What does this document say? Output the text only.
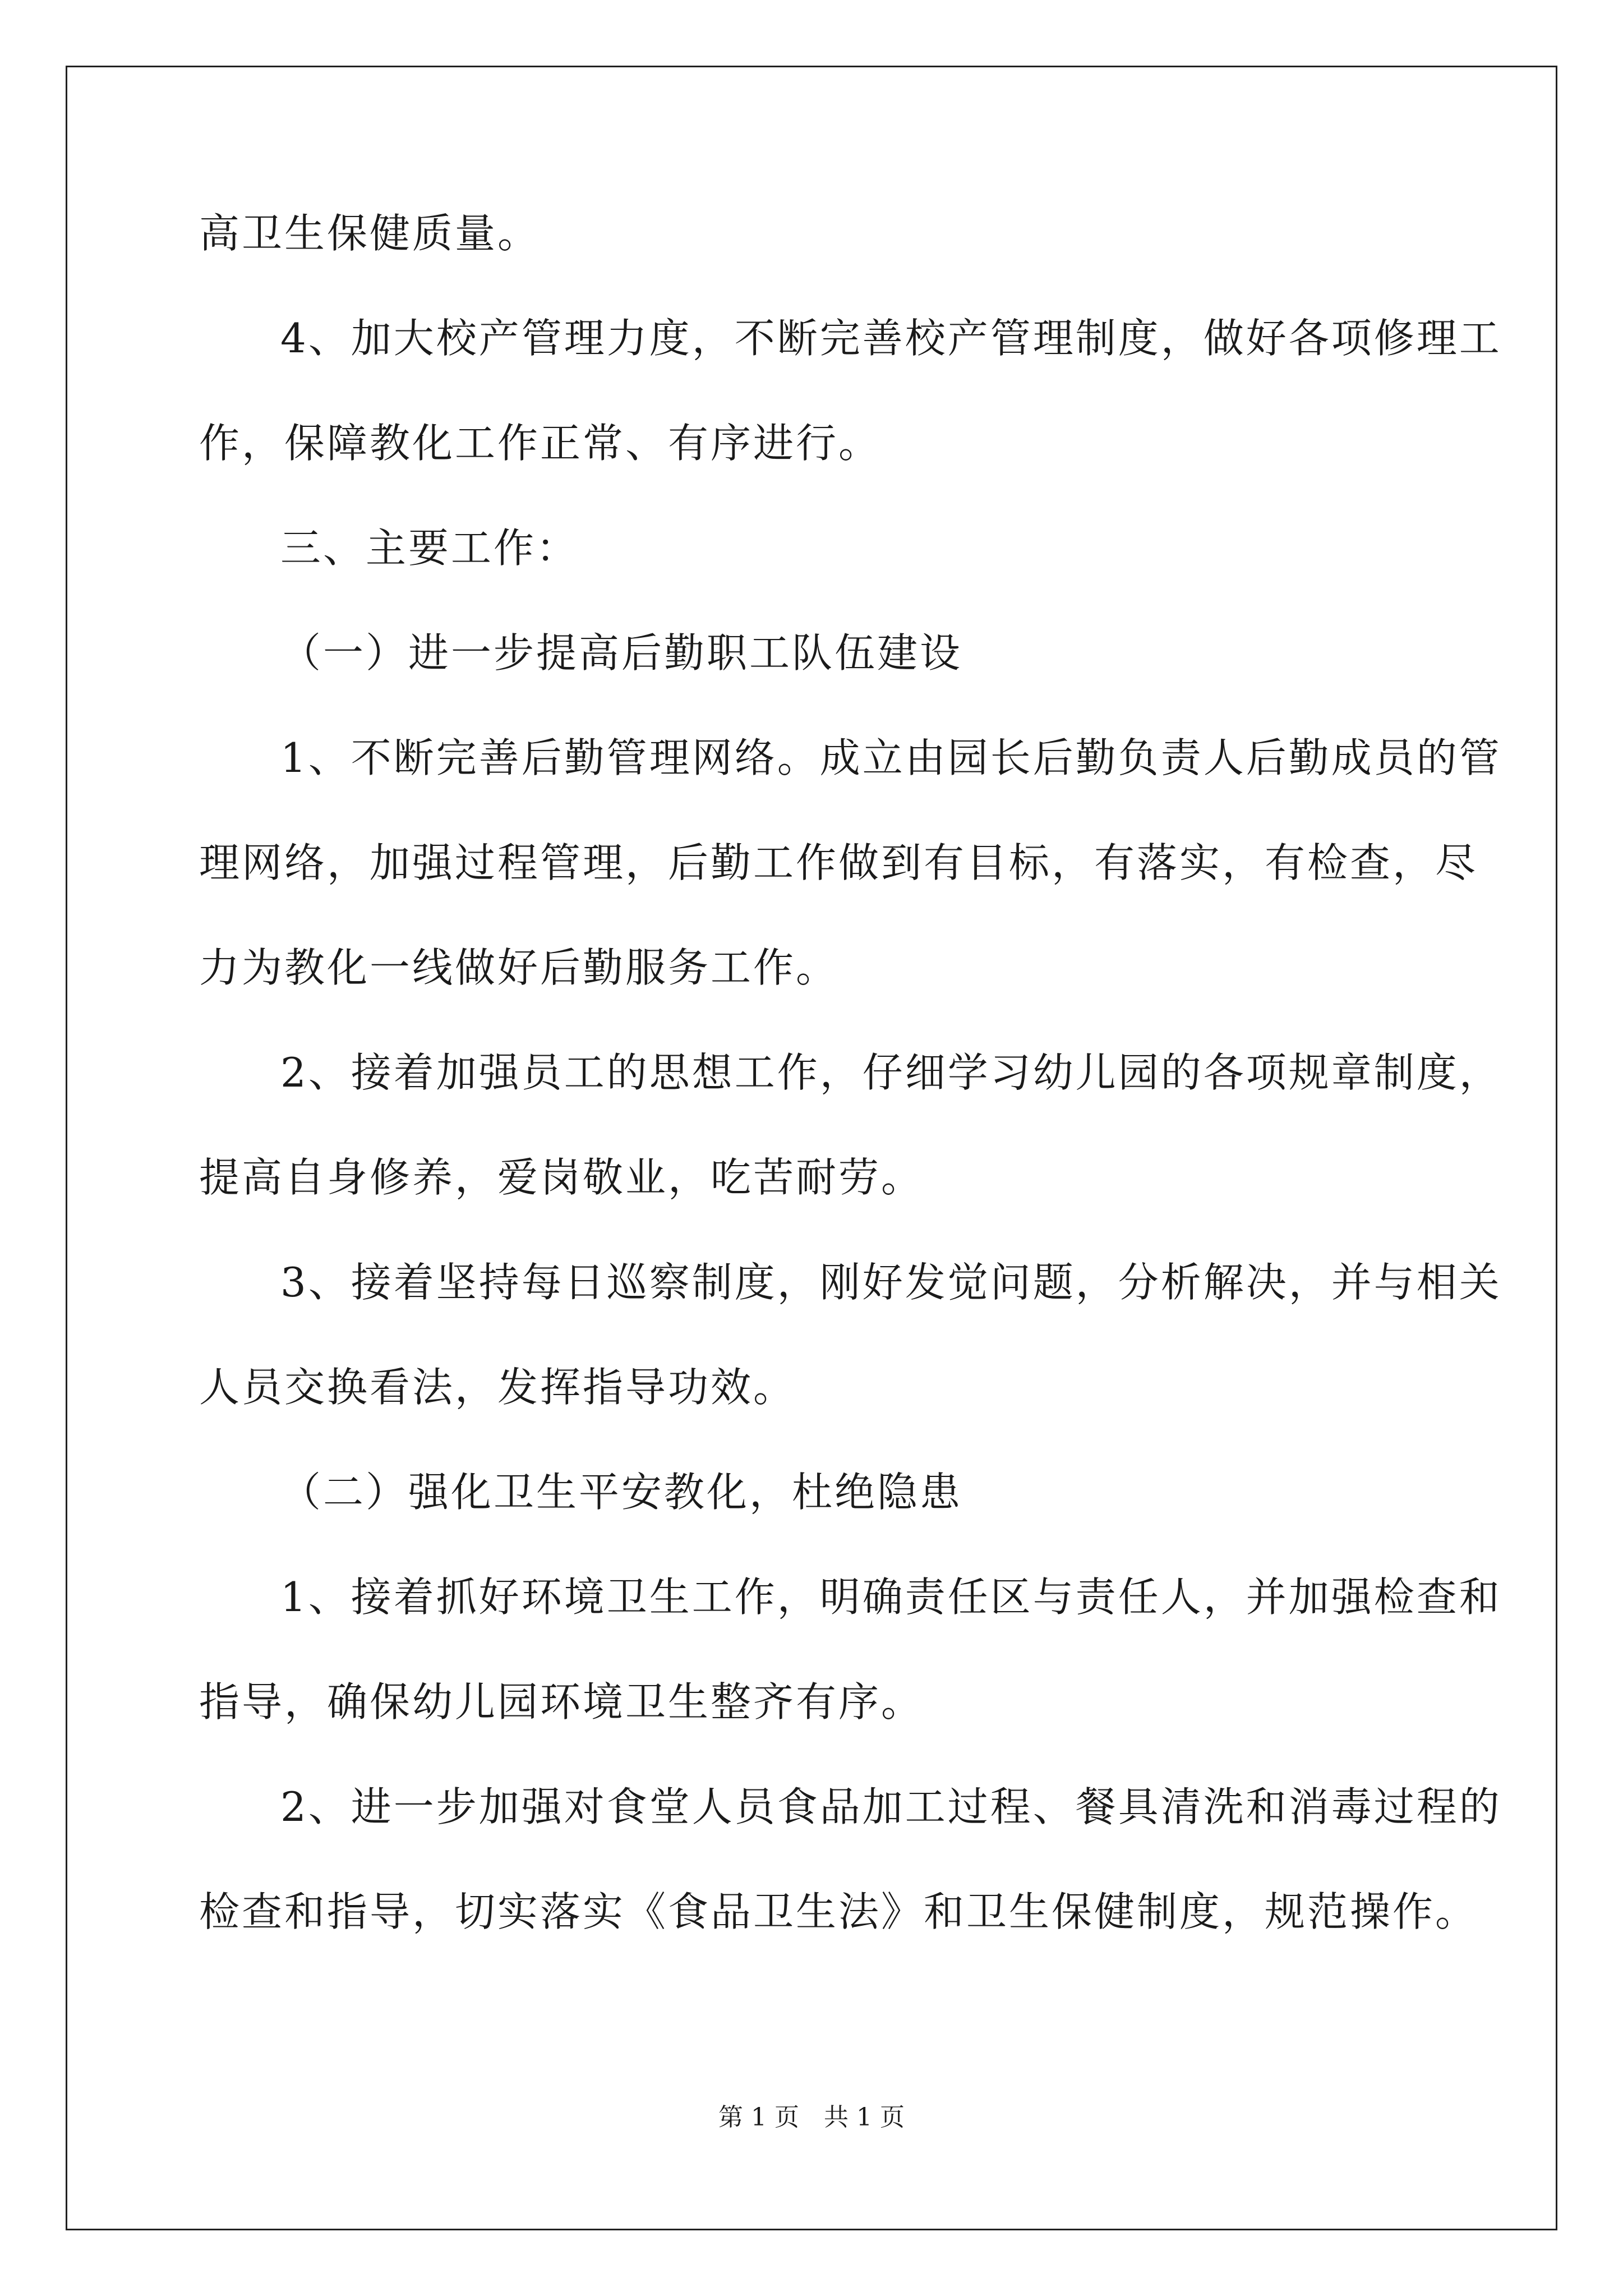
高卫生保健质量。
4、加大校产管理力度，不断完善校产管理制度，做好各项修理工
作，保障教化工作正常、有序进行。
三、主要工作：
（一）进一步提高后勤职工队伍建设
1、不断完善后勤管理网络。成立由园长后勤负责人后勤成员的管
理网络，加强过程管理，后勤工作做到有目标，有落实，有检查，尽
力为教化一线做好后勤服务工作。
2、接着加强员工的思想工作，仔细学习幼儿园的各项规章制度，
提高自身修养，爱岗敬业，吃苦耐劳。
3、接着坚持每日巡察制度，刚好发觉问题，分析解决，并与相关
人员交换看法，发挥指导功效。
（二）强化卫生平安教化，杜绝隐患
1、接着抓好环境卫生工作，明确责任区与责任人，并加强检查和
指导，确保幼儿园环境卫生整齐有序。
2、进一步加强对食堂人员食品加工过程、餐具清洗和消毒过程的
检查和指导，切实落实《食品卫生法》和卫生保健制度，规范操作。
第 1 页　共 1 页
